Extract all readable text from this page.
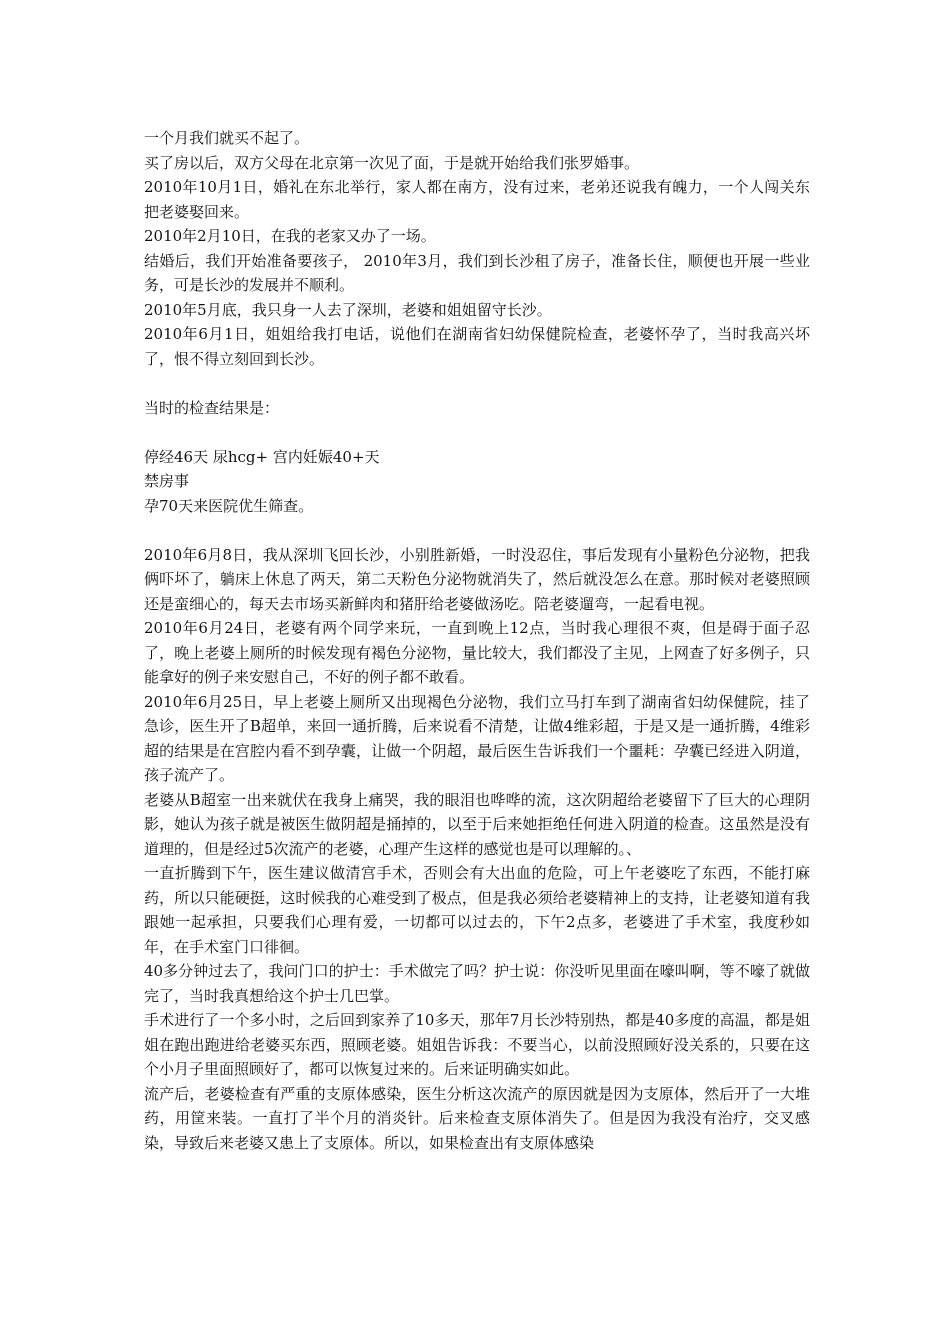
一个月我们就买不起了。

买了房以后，双方父母在北京第一次见了面，于是就开始给我们张罗婚事。

2010年10月1日，婚礼在东北举行，家人都在南方，没有过来，老弟还说我有魄力，一个人闯关东把老婆娶回来。

2010年2月10日，在我的老家又办了一场。

结婚后，我们开始准备要孩子， 2010年3月，我们到长沙租了房子，准备长住，顺便也开展一些业务，可是长沙的发展并不顺利。

2010年5月底，我只身一人去了深圳，老婆和姐姐留守长沙。

2010年6月1日，姐姐给我打电话，说他们在湖南省妇幼保健院检查，老婆怀孕了，当时我高兴坏了，恨不得立刻回到长沙。

当时的检查结果是：

停经46天 尿hcg+ 宫内妊娠40+天

禁房事

孕70天来医院优生筛查。

2010年6月8日，我从深圳飞回长沙，小别胜新婚，一时没忍住，事后发现有小量粉色分泌物，把我俩吓坏了，躺床上休息了两天，第二天粉色分泌物就消失了，然后就没怎么在意。那时候对老婆照顾还是蛮细心的，每天去市场买新鲜肉和猪肝给老婆做汤吃。陪老婆遛弯，一起看电视。

2010年6月24日，老婆有两个同学来玩，一直到晚上12点，当时我心理很不爽，但是碍于面子忍了，晚上老婆上厕所的时候发现有褐色分泌物，量比较大，我们都没了主见，上网查了好多例子，只能拿好的例子来安慰自己，不好的例子都不敢看。

2010年6月25日，早上老婆上厕所又出现褐色分泌物，我们立马打车到了湖南省妇幼保健院，挂了急诊，医生开了B超单，来回一通折腾，后来说看不清楚，让做4维彩超，于是又是一通折腾，4维彩超的结果是在宫腔内看不到孕囊，让做一个阴超，最后医生告诉我们一个噩耗：孕囊已经进入阴道，孩子流产了。

老婆从B超室一出来就伏在我身上痛哭，我的眼泪也哗哗的流，这次阴超给老婆留下了巨大的心理阴影，她认为孩子就是被医生做阴超是捅掉的，以至于后来她拒绝任何进入阴道的检查。这虽然是没有道理的，但是经过5次流产的老婆，心理产生这样的感觉也是可以理解的。、

一直折腾到下午，医生建议做清宫手术，否则会有大出血的危险，可上午老婆吃了东西，不能打麻药，所以只能硬挺，这时候我的心难受到了极点，但是我必须给老婆精神上的支持，让老婆知道有我跟她一起承担，只要我们心理有爱，一切都可以过去的，下午2点多，老婆进了手术室，我度秒如年，在手术室门口徘徊。

40多分钟过去了，我问门口的护士：手术做完了吗？护士说：你没听见里面在嚎叫啊，等不嚎了就做完了，当时我真想给这个护士几巴掌。

手术进行了一个多小时，之后回到家养了10多天，那年7月长沙特别热，都是40多度的高温，都是姐姐在跑出跑进给老婆买东西，照顾老婆。姐姐告诉我：不要当心，以前没照顾好没关系的，只要在这个小月子里面照顾好了，都可以恢复过来的。后来证明确实如此。

流产后，老婆检查有严重的支原体感染，医生分析这次流产的原因就是因为支原体，然后开了一大堆药，用筐来装。一直打了半个月的消炎针。后来检查支原体消失了。但是因为我没有治疗，交叉感染，导致后来老婆又患上了支原体。所以，如果检查出有支原体感染
